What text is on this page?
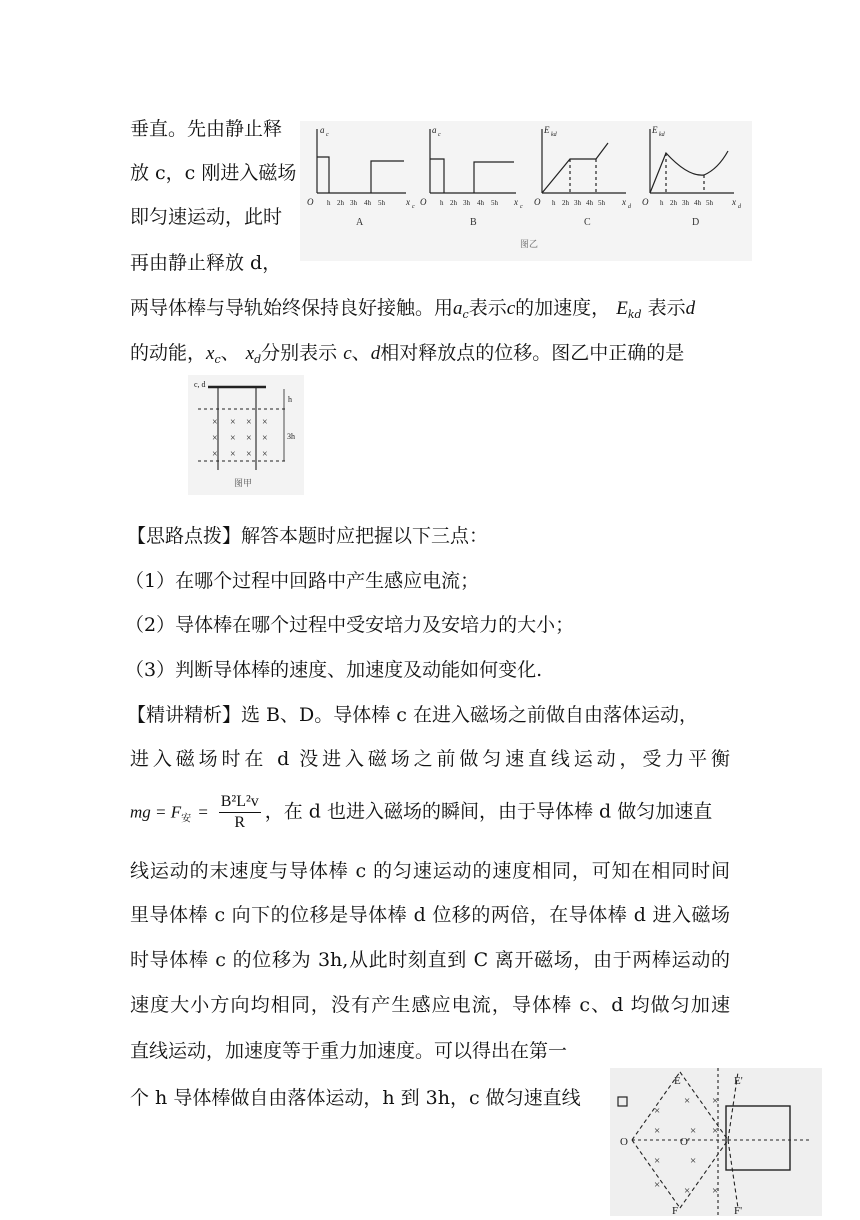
垂直。先由静止释
放 c，c 刚进入磁场
即匀速运动，此时
再由静止释放 d，
a c
O	x c
a c
O	x c
E kd
O	x d
E kd
O	x d
h 2h 3h 4h 5h	h 2h 3h 4h 5h	h 2h 3h 4h 5h	h 2h 3h 4h 5h
A	B	C	D
图乙
两导体棒与导轨始终保持良好接触。用$a_c$表示c的加速度， $E_{kd}$ 表示d
的动能，$x_c$、 $x_d$分别表示 c、d相对释放点的位移。图乙中正确的是
c, d
h
3h
× × × ×
× × × ×
× × × ×
图甲
【思路点拨】解答本题时应把握以下三点：
（1）在哪个过程中回路中产生感应电流；
（2）导体棒在哪个过程中受安培力及安培力的大小；
（3）判断导体棒的速度、加速度及动能如何变化.
【精讲精析】选 B、D。导体棒 c 在进入磁场之前做自由落体运动，
进入磁场时在 d 没进入磁场之前做匀速直线运动，受力平衡
mg = $F_安 = \frac{\text{B²L²v}}{R}$ ，在 d 也进入磁场的瞬间，由于导体棒 d 做匀加速直
线运动的末速度与导体棒 c 的匀速运动的速度相同，可知在相同时间
里导体棒 c 向下的位移是导体棒 d 位移的两倍，在导体棒 d 进入磁场
时导体棒 c 的位移为 3h,从此时刻直到 C 离开磁场，由于两棒运动的
速度大小方向均相同，没有产生感应电流，导体棒 c、d 均做匀加速
直线运动，加速度等于重力加速度。可以得出在第一
个 h 导体棒做自由落体运动，h 到 3h，c 做匀速直线
E	E'
O	O'
F	F'
×
× ×
×	× ×
×	×
× × ×
